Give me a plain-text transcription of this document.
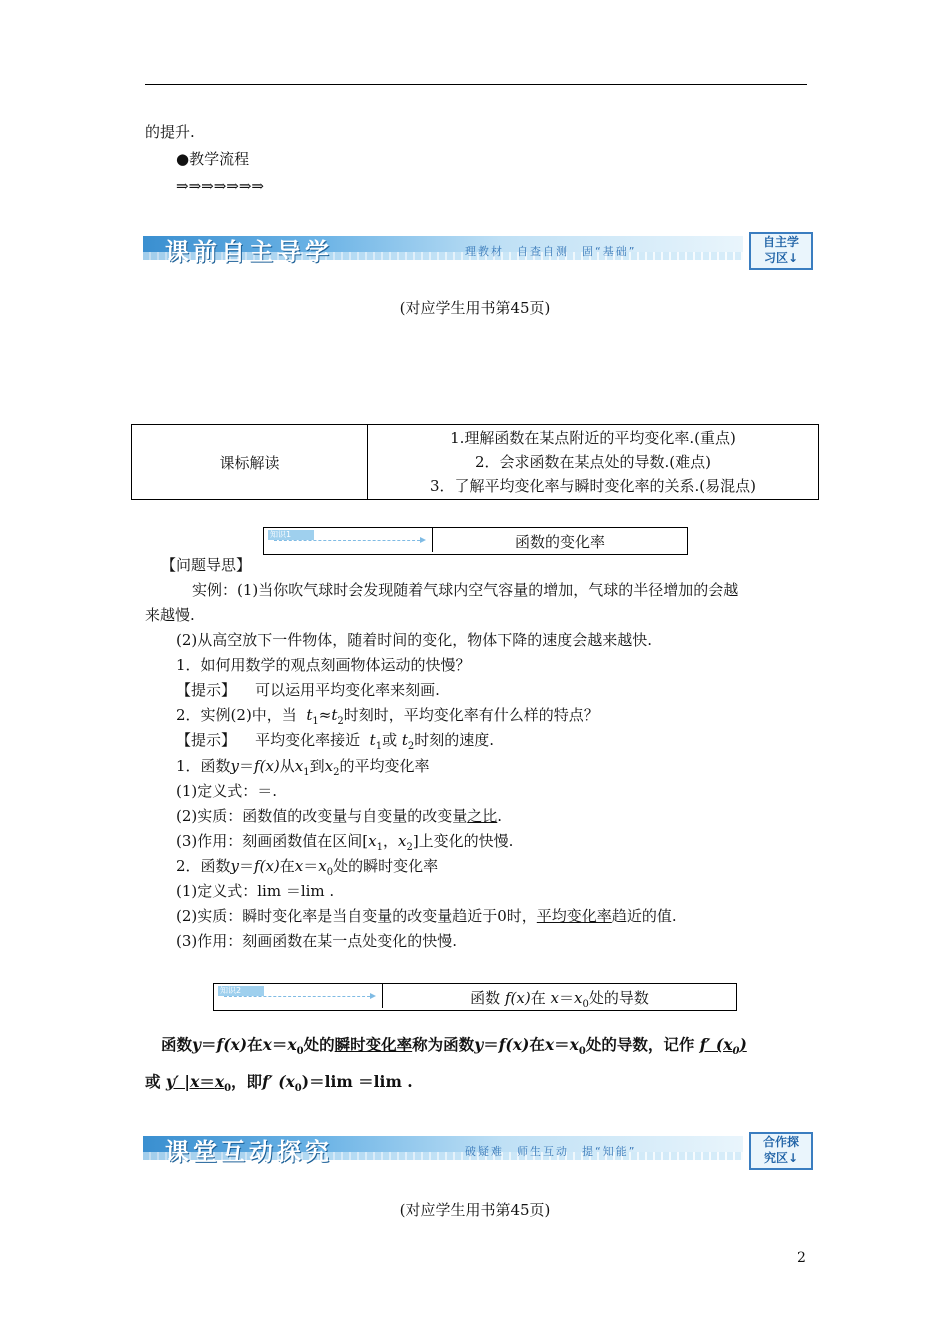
的提升.
●教学流程
⇒⇒⇒⇒⇒⇒⇒
课前自主导学	理教材　自查自测　固“基础”
自主学
习区↓
(对应学生用书第45页)
课标解读	
1.理解函数在某点附近的平均变化率.(重点)
2．会求函数在某点处的导数.(难点)
3．了解平均变化率与瞬时变化率的关系.(易混点)
知识1	函数的变化率
【问题导思】
实例：(1)当你吹气球时会发现随着气球内空气容量的增加，气球的半径增加的会越
来越慢.
(2)从高空放下一件物体，随着时间的变化，物体下降的速度会越来越快.
1．如何用数学的观点刻画物体运动的快慢？
【提示】 可以运用平均变化率来刻画.
2．实例(2)中，当 $t_1\approx t_2$时刻时，平均变化率有什么样的特点？
【提示】 平均变化率接近 $t_1$或 $t_2$时刻的速度.
1．函数y＝f(x)从$x_1$到$x_2$的平均变化率
(1)定义式：＝.
(2)实质：函数值的改变量与自变量的改变量之比.
(3)作用：刻画函数值在区间[$x_1$，$x_2$]上变化的快慢.
2．函数y＝f(x)在$x=x_0$处的瞬时变化率
(1)定义式：lim ＝lim .
(2)实质：瞬时变化率是当自变量的改变量趋近于0时，平均变化率趋近的值.
(3)作用：刻画函数在某一点处变化的快慢.
知识2	函数 f(x)在 $x=x_0$处的导数
函数y＝f(x)在$x=x_0$处的瞬时变化率称为函数y＝f(x)在$x=x_0$处的导数，记作 f′ $(x_0)$
或 y′ $|x=x_0$，即f′ $(x_0)=\lim =\lim$ .
课堂互动探究	破疑难　师生互动　提“知能”
合作探
究区↓
(对应学生用书第45页)
2
